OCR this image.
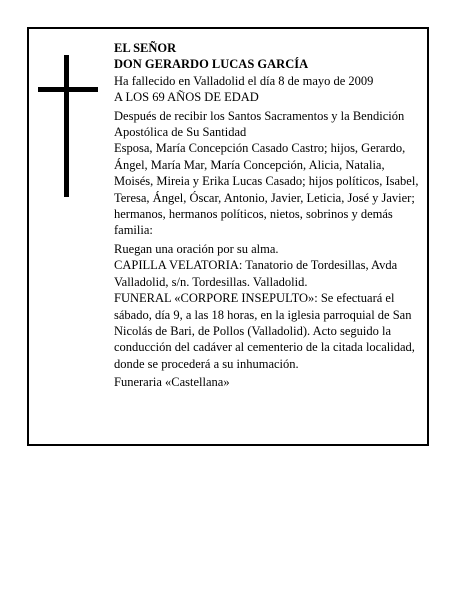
EL SEÑOR

DON GERARDO LUCAS GARCÍA

Ha fallecido en Valladolid el día 8 de mayo de 2009

A LOS 69 AÑOS DE EDAD

Después de recibir los Santos Sacramentos y la Bendición Apostólica de Su Santidad

Esposa, María Concepción Casado Castro; hijos, Gerardo, Ángel, María Mar, María Concepción, Alicia, Natalia, Moisés, Mireia y Erika Lucas Casado; hijos políticos, Isabel, Teresa, Ángel, Óscar, Antonio, Javier, Leticia, José y Javier; hermanos, hermanos políticos, nietos, sobrinos y demás familia:

Ruegan una oración por su alma.

CAPILLA VELATORIA: Tanatorio de Tordesillas, Avda Valladolid, s/n. Tordesillas. Valladolid.

FUNERAL «CORPORE INSEPULTO»: Se efectuará el sábado, día 9, a las 18 horas, en la iglesia parroquial de San Nicolás de Bari, de Pollos (Valladolid). Acto seguido la conducción del cadáver al cementerio de la citada localidad, donde se procederá a su inhumación.

Funeraria «Castellana»
